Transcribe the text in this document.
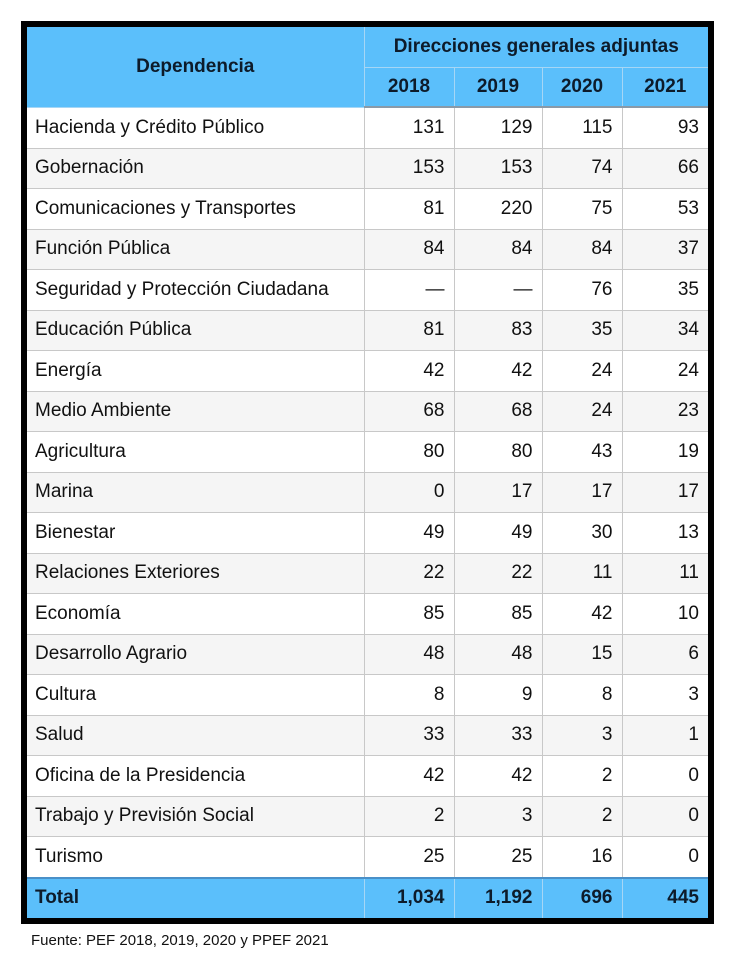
Dependencia	Direcciones generales adjuntas			
	2018	2019	2020	2021
Hacienda y Crédito Público	131	129	115	93
Gobernación	153	153	74	66
Comunicaciones y Transportes	81	220	75	53
Función Pública	84	84	84	37
Seguridad y Protección Ciudadana	—	—	76	35
Educación Pública	81	83	35	34
Energía	42	42	24	24
Medio Ambiente	68	68	24	23
Agricultura	80	80	43	19
Marina	0	17	17	17
Bienestar	49	49	30	13
Relaciones Exteriores	22	22	11	11
Economía	85	85	42	10
Desarrollo Agrario	48	48	15	6
Cultura	8	9	8	3
Salud	33	33	3	1
Oficina de la Presidencia	42	42	2	0
Trabajo y Previsión Social	2	3	2	0
Turismo	25	25	16	0
Total	1,034	1,192	696	445
Fuente: PEF 2018, 2019, 2020 y PPEF 2021
